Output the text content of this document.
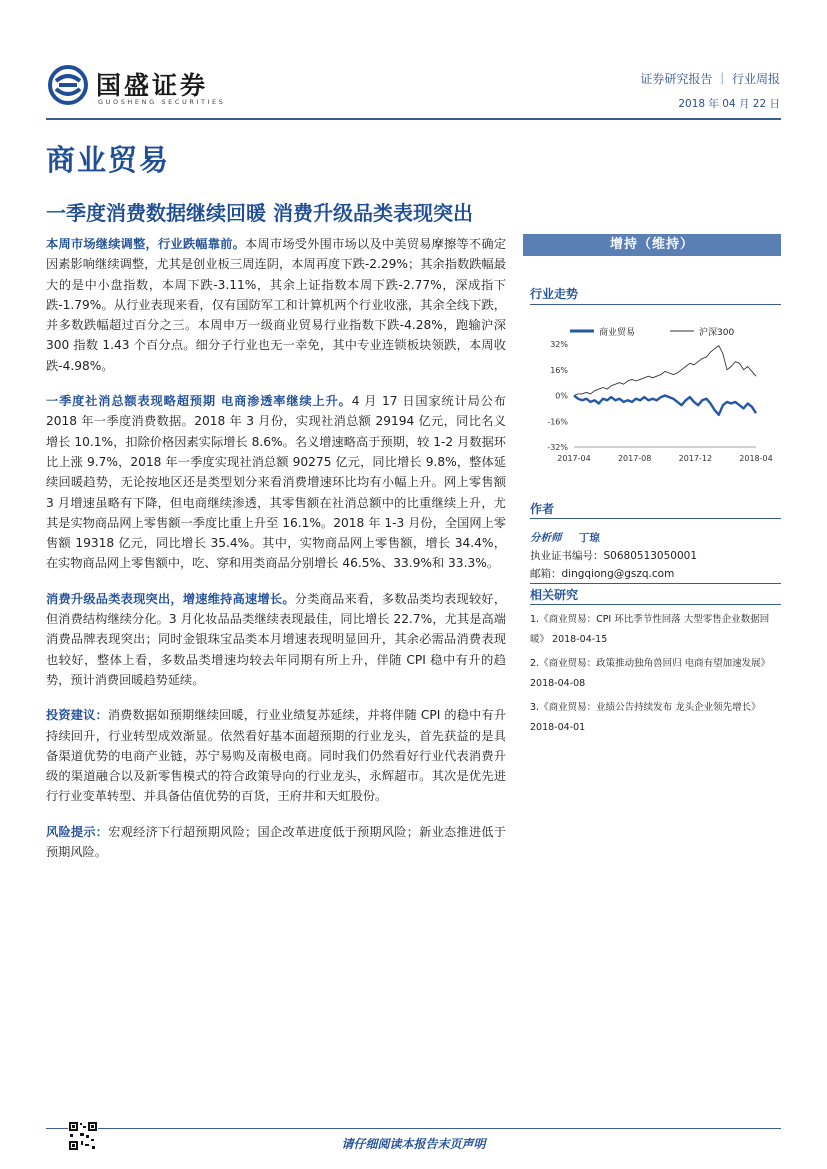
国盛证券
GUOSHENG SECURITIES
证券研究报告 ｜ 行业周报
2018 年 04 月 22 日
商业贸易
一季度消费数据继续回暖 消费升级品类表现突出

本周市场继续调整，行业跌幅靠前。本周市场受外围市场以及中美贸易摩擦等不确定因素影响继续调整，尤其是创业板三周连阴，本周再度下跌-2.29%；其余指数跌幅最大的是中小盘指数，本周下跌-3.11%，其余上证指数本周下跌-2.77%，深成指下跌-1.79%。从行业表现来看，仅有国防军工和计算机两个行业收涨，其余全线下跌，并多数跌幅超过百分之三。本周申万一级商业贸易行业指数下跌-4.28%，跑输沪深 300 指数 1.43 个百分点。细分子行业也无一幸免，其中专业连锁板块领跌，本周收跌-4.98%。

一季度社消总额表现略超预期 电商渗透率继续上升。4 月 17 日国家统计局公布 2018 年一季度消费数据。2018 年 3 月份，实现社消总额 29194 亿元，同比名义增长 10.1%，扣除价格因素实际增长 8.6%。名义增速略高于预期，较 1-2 月数据环比上涨 9.7%，2018 年一季度实现社消总额 90275 亿元，同比增长 9.8%，整体延续回暖趋势，无论按地区还是类型划分来看消费增速环比均有小幅上升。网上零售额 3 月增速虽略有下降，但电商继续渗透，其零售额在社消总额中的比重继续上升，尤其是实物商品网上零售额一季度比重上升至 16.1%。2018 年 1-3 月份，全国网上零售额 19318 亿元，同比增长 35.4%。其中，实物商品网上零售额，增长 34.4%，在实物商品网上零售额中，吃、穿和用类商品分别增长 46.5%、33.9%和 33.3%。

消费升级品类表现突出，增速维持高速增长。分类商品来看，多数品类均表现较好，但消费结构继续分化。3 月化妆品品类继续表现最佳，同比增长 22.7%，尤其是高端消费品牌表现突出；同时金银珠宝品类本月增速表现明显回升，其余必需品消费表现也较好，整体上看，多数品类增速均较去年同期有所上升，伴随 CPI 稳中有升的趋势，预计消费回暖趋势延续。

投资建议：消费数据如预期继续回暖，行业业绩复苏延续，并将伴随 CPI 的稳中有升持续回升，行业转型成效渐显。依然看好基本面超预期的行业龙头，首先获益的是具备渠道优势的电商产业链，苏宁易购及南极电商。同时我们仍然看好行业代表消费升级的渠道融合以及新零售模式的符合政策导向的行业龙头，永辉超市。其次是优先进行行业变革转型、并具备估值优势的百货，王府井和天虹股份。

风险提示：宏观经济下行超预期风险；国企改革进度低于预期风险；新业态推进低于预期风险。

增持（维持）
行业走势
商业贸易	沪深300
32%
16%
0%
-16%
-32%
2017-04	2017-08	2017-12	2018-04
作者
分析师 丁琼
执业证书编号：S0680513050001
邮箱：dingqiong@gszq.com
相关研究
1.《商业贸易：CPI 环比季节性回落 大型零售企业数据回暖》 2018-04-15
2.《商业贸易：政策推动独角兽回归 电商有望加速发展》 2018-04-08
3.《商业贸易：业绩公告持续发布 龙头企业领先增长》
2018-04-01
请仔细阅读本报告末页声明
